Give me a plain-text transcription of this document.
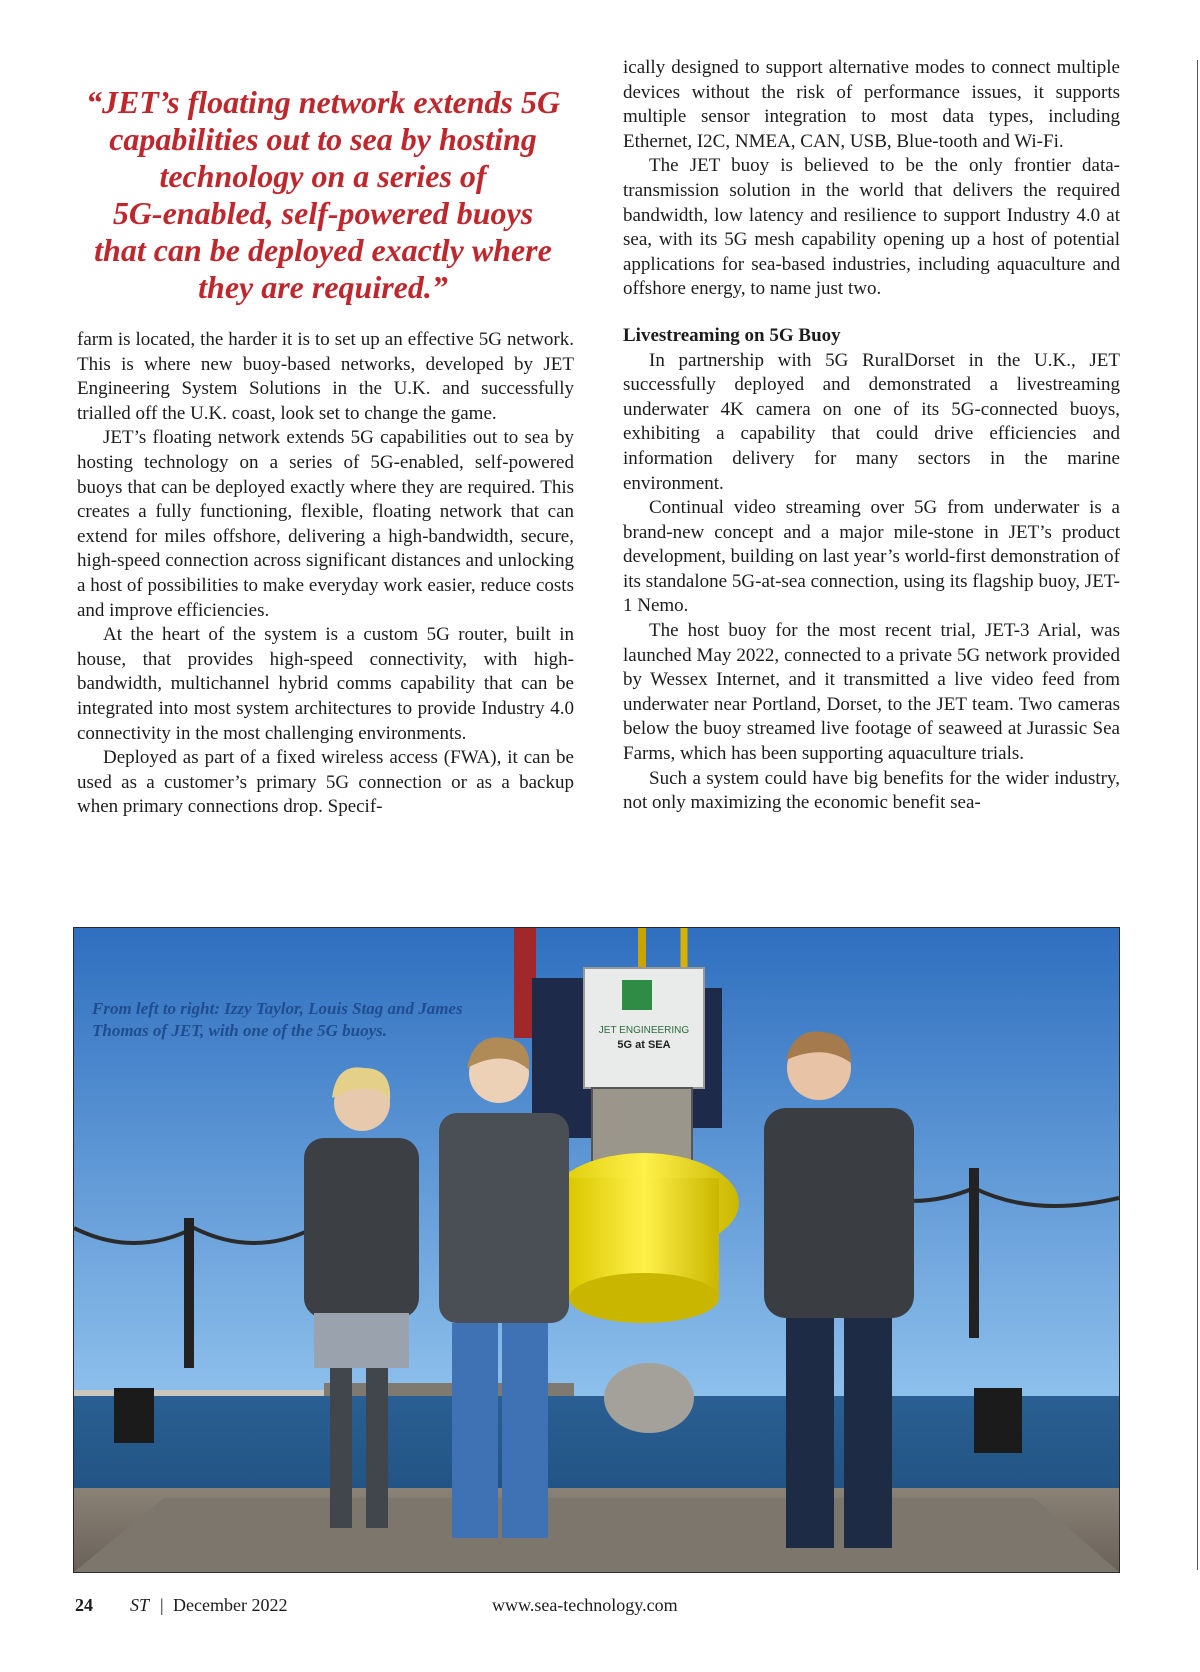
“JET’s floating network extends 5G
capabilities out to sea by hosting
technology on a series of
5G-enabled, self-powered buoys
that can be deployed exactly where
they are required.”

farm is located, the harder it is to set up an effective 5G network. This is where new buoy-based networks, developed by JET Engineering System Solutions in the U.K. and successfully trialled off the U.K. coast, look set to change the game.

JET’s floating network extends 5G capabilities out to sea by hosting technology on a series of 5G-enabled, self-powered buoys that can be deployed exactly where they are required. This creates a fully functioning, flexible, floating network that can extend for miles offshore, delivering a high-bandwidth, secure, high-speed connection across significant distances and unlocking a host of possibilities to make everyday work easier, reduce costs and improve efficiencies.

At the heart of the system is a custom 5G router, built in house, that provides high-speed connectivity, with high-bandwidth, multichannel hybrid comms capability that can be integrated into most system architectures to provide Industry 4.0 connectivity in the most challenging environments.

Deployed as part of a fixed wireless access (FWA), it can be used as a customer’s primary 5G connection or as a backup when primary connections drop. Specif-

ically designed to support alternative modes to connect multiple devices without the risk of performance issues, it supports multiple sensor integration to most data types, including Ethernet, I2C, NMEA, CAN, USB, Blue-tooth and Wi-Fi.

The JET buoy is believed to be the only frontier data-transmission solution in the world that delivers the required bandwidth, low latency and resilience to support Industry 4.0 at sea, with its 5G mesh capability opening up a host of potential applications for sea-based industries, including aquaculture and offshore energy, to name just two.

Livestreaming on 5G Buoy

In partnership with 5G RuralDorset in the U.K., JET successfully deployed and demonstrated a livestreaming underwater 4K camera on one of its 5G-connected buoys, exhibiting a capability that could drive efficiencies and information delivery for many sectors in the marine environment.

Continual video streaming over 5G from underwater is a brand-new concept and a major mile-stone in JET’s product development, building on last year’s world-first demonstration of its standalone 5G-at-sea connection, using its flagship buoy, JET-1 Nemo.

The host buoy for the most recent trial, JET-3 Arial, was launched May 2022, connected to a private 5G network provided by Wessex Internet, and it transmitted a live video feed from underwater near Portland, Dorset, to the JET team. Two cameras below the buoy streamed live footage of seaweed at Jurassic Sea Farms, which has been supporting aquaculture trials.

Such a system could have big benefits for the wider industry, not only maximizing the economic benefit sea-

JET ENGINEERING
5G at SEA
From left to right: Izzy Taylor, Louis Stag and James Thomas of JET, with one of the 5G buoys.
24 ST | December 2022	www.sea-technology.com
